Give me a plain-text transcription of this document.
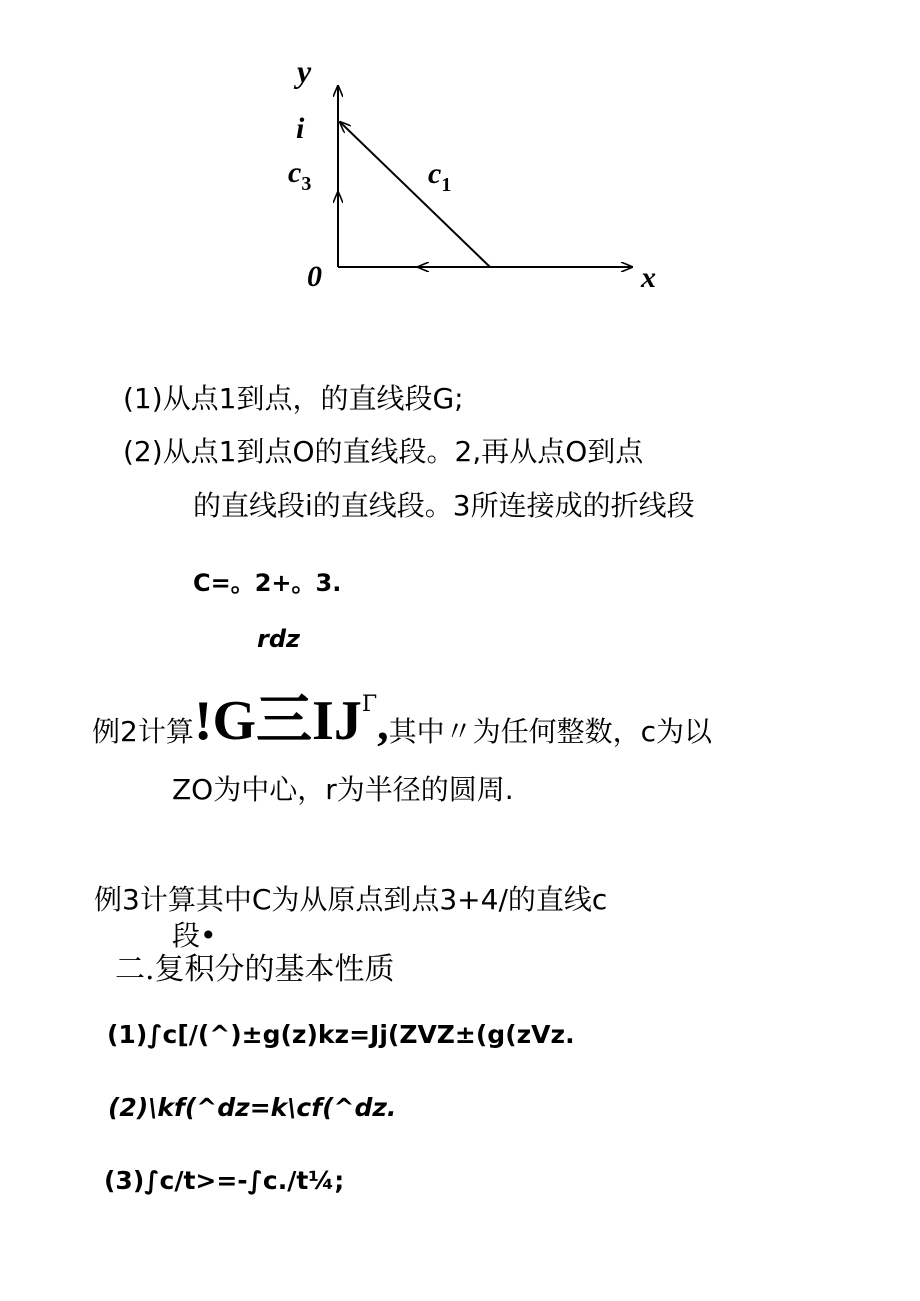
y
i
$c_3$	$c_1$
0	x
(1)从点1到点，的直线段G;
(2)从点1到点O的直线段。2,再从点O到点
的直线段i的直线段。3所连接成的折线段
C=。2+。3.
rdz
例2计算!G三IJΓ,其中〃为任何整数，c为以
ZO为中心，r为半径的圆周.
例3计算其中C为从原点到点3+4/的直线c
段•
二.复积分的基本性质
(1)∫c[/(^)±g(z)kz=Jj(ZVZ±(g(zVz.
(2)\kf(^dz=k\cf(^dz.
(3)∫c/t>=-∫c./t¼;
